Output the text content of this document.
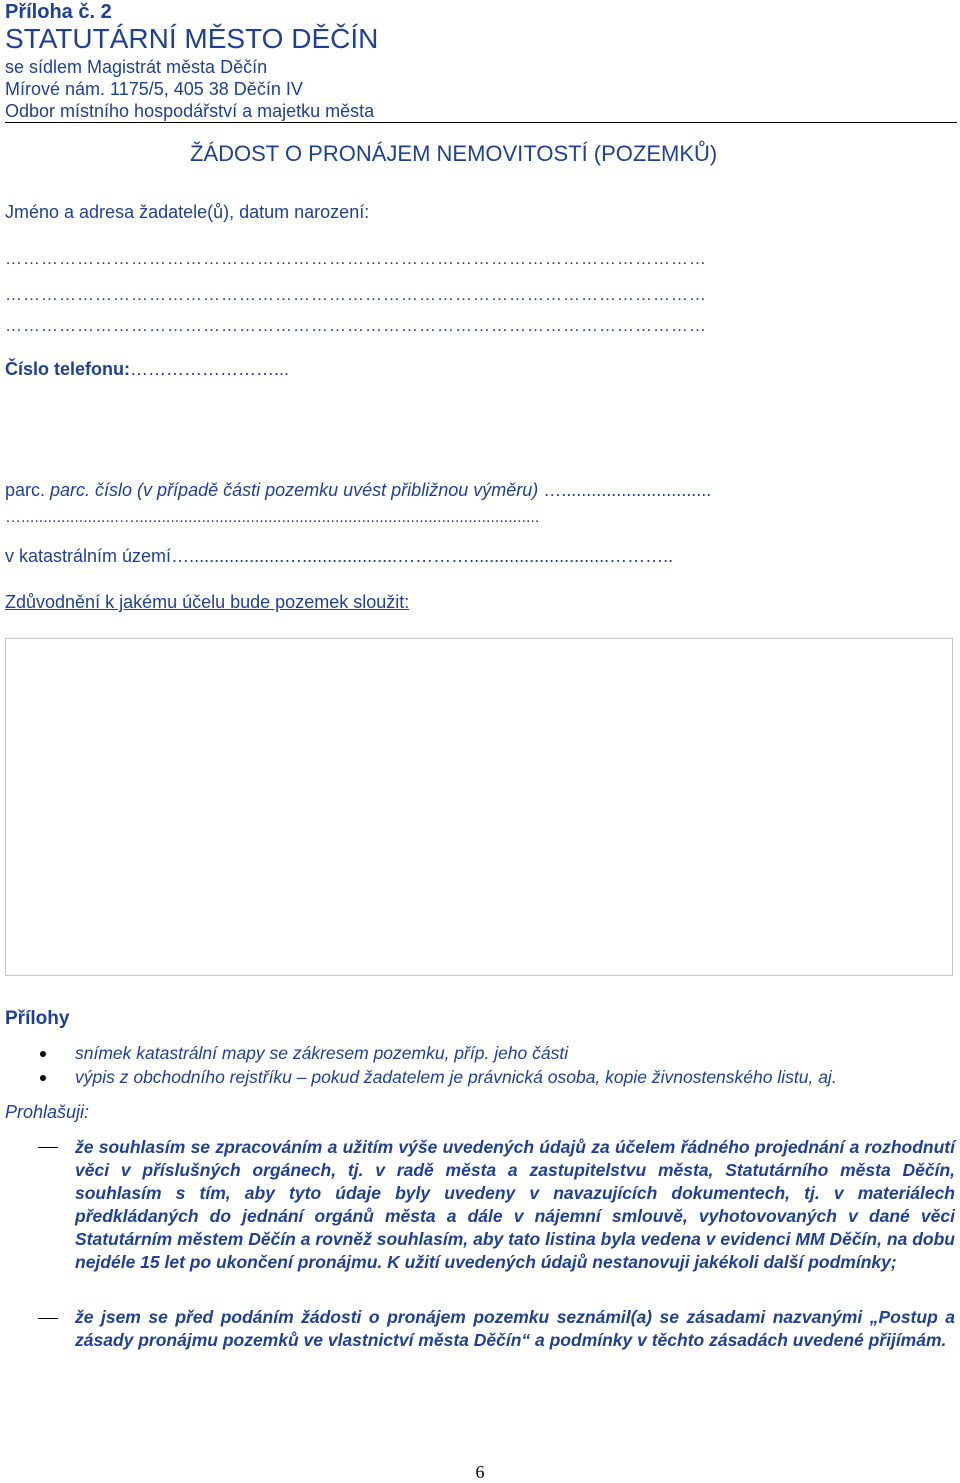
Příloha č. 2
STATUTÁRNÍ MĚSTO DĚČÍN
se sídlem Magistrát města Děčín
Mírové nám. 1175/5, 405 38 Děčín IV
Odbor místního hospodářství a majetku města
ŽÁDOST O PRONÁJEM NEMOVITOSTÍ (POZEMKŮ)
Jméno a adresa žadatele(ů), datum narození:
………………………………………………………………………………………………………
………………………………………………………………………………………………………
………………………………………………………………………………………………………
Číslo telefonu:……………………...
parc. parc. číslo (v případě části pozemku uvést přibližnou výměru) …..............................
…......................…...........................................................................................
v katastrálním území…...................…...................…………............................………..
Zdůvodnění k jakému účelu bude pozemek sloužit:
Přílohy
snímek katastrální mapy se zákresem pozemku, příp. jeho části
výpis z obchodního rejstříku – pokud žadatelem je právnická osoba, kopie živnostenského listu, aj.
Prohlašuji:
že souhlasím se zpracováním a užitím výše uvedených údajů za účelem řádného projednání a rozhodnutí věci v příslušných orgánech, tj. v radě města a zastupitelstvu města, Statutárního města Děčín, souhlasím s tím, aby tyto údaje byly uvedeny v navazujících dokumentech, tj. v materiálech předkládaných do jednání orgánů města a dále v nájemní smlouvě, vyhotovovaných v dané věci Statutárním městem Děčín a rovněž souhlasím, aby tato listina byla vedena v evidenci MM Děčín, na dobu nejdéle 15 let po ukončení pronájmu. K užití uvedených údajů nestanovuji jakékoli další podmínky;
že jsem se před podáním žádosti o pronájem pozemku seznámil(a) se zásadami nazvanými „Postup a zásady pronájmu pozemků ve vlastnictví města Děčín“ a podmínky v těchto zásadách uvedené přijímám.
6
